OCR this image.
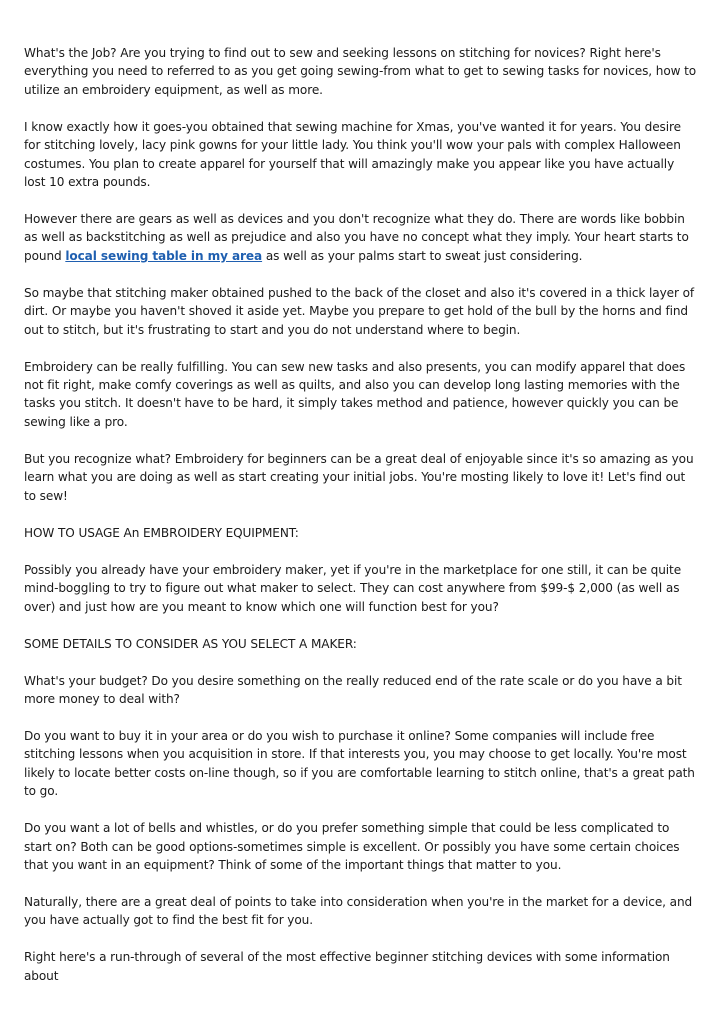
What's the Job? Are you trying to find out to sew and seeking lessons on stitching for novices? Right here's everything you need to referred to as you get going sewing-from what to get to sewing tasks for novices, how to utilize an embroidery equipment, as well as more.

I know exactly how it goes-you obtained that sewing machine for Xmas, you've wanted it for years. You desire for stitching lovely, lacy pink gowns for your little lady. You think you'll wow your pals with complex Halloween costumes. You plan to create apparel for yourself that will amazingly make you appear like you have actually lost 10 extra pounds.

However there are gears as well as devices and you don't recognize what they do. There are words like bobbin as well as backstitching as well as prejudice and also you have no concept what they imply. Your heart starts to pound local sewing table in my area as well as your palms start to sweat just considering.

So maybe that stitching maker obtained pushed to the back of the closet and also it's covered in a thick layer of dirt. Or maybe you haven't shoved it aside yet. Maybe you prepare to get hold of the bull by the horns and find out to stitch, but it's frustrating to start and you do not understand where to begin.

Embroidery can be really fulfilling. You can sew new tasks and also presents, you can modify apparel that does not fit right, make comfy coverings as well as quilts, and also you can develop long lasting memories with the tasks you stitch. It doesn't have to be hard, it simply takes method and patience, however quickly you can be sewing like a pro.

But you recognize what? Embroidery for beginners can be a great deal of enjoyable since it's so amazing as you learn what you are doing as well as start creating your initial jobs. You're mosting likely to love it! Let's find out to sew!

HOW TO USAGE An EMBROIDERY EQUIPMENT:

Possibly you already have your embroidery maker, yet if you're in the marketplace for one still, it can be quite mind-boggling to try to figure out what maker to select. They can cost anywhere from $99-$ 2,000 (as well as over) and just how are you meant to know which one will function best for you?

SOME DETAILS TO CONSIDER AS YOU SELECT A MAKER:

What's your budget? Do you desire something on the really reduced end of the rate scale or do you have a bit more money to deal with?

Do you want to buy it in your area or do you wish to purchase it online? Some companies will include free stitching lessons when you acquisition in store. If that interests you, you may choose to get locally. You're most likely to locate better costs on-line though, so if you are comfortable learning to stitch online, that's a great path to go.

Do you want a lot of bells and whistles, or do you prefer something simple that could be less complicated to start on? Both can be good options-sometimes simple is excellent. Or possibly you have some certain choices that you want in an equipment? Think of some of the important things that matter to you.

Naturally, there are a great deal of points to take into consideration when you're in the market for a device, and you have actually got to find the best fit for you.

Right here's a run-through of several of the most effective beginner stitching devices with some information about
